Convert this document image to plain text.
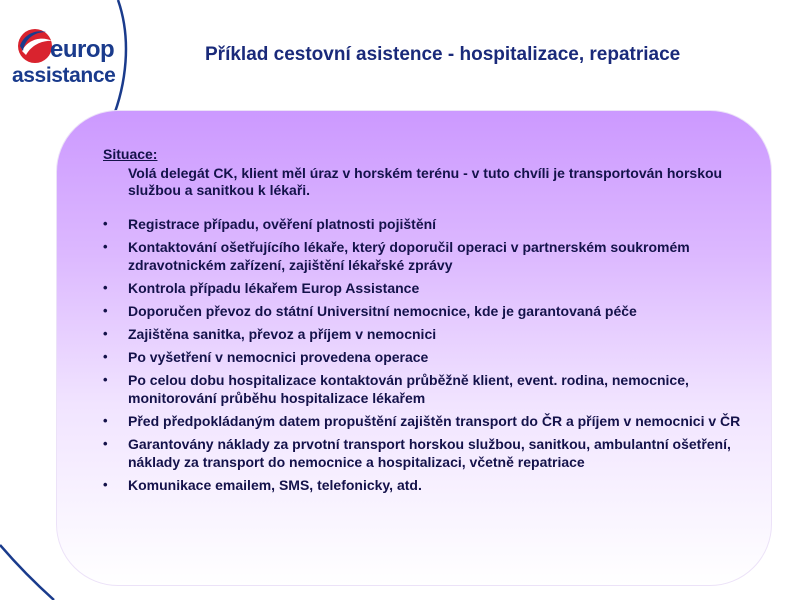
europ
assistance
Příklad cestovní asistence - hospitalizace, repatriace
Situace:
Volá delegát CK, klient měl úraz v horském terénu - v tuto chvíli je transportován horskou službou a sanitkou k lékaři.
• Registrace případu, ověření platnosti pojištění
• Kontaktování ošetřujícího lékaře, který doporučil operaci v partnerském soukromém zdravotnickém zařízení, zajištění lékařské zprávy
• Kontrola případu lékařem Europ Assistance
• Doporučen převoz do státní Universitní nemocnice, kde je garantovaná péče
• Zajištěna sanitka, převoz a příjem v nemocnici
• Po vyšetření v nemocnici provedena operace
• Po celou dobu hospitalizace kontaktován průběžně klient, event. rodina, nemocnice, monitorování průběhu hospitalizace lékařem
• Před předpokládaným datem propuštění zajištěn transport do ČR a příjem v nemocnici v ČR
• Garantovány náklady za prvotní transport horskou službou, sanitkou, ambulantní ošetření, náklady za transport do nemocnice a hospitalizaci, včetně repatriace
• Komunikace emailem, SMS, telefonicky, atd.
